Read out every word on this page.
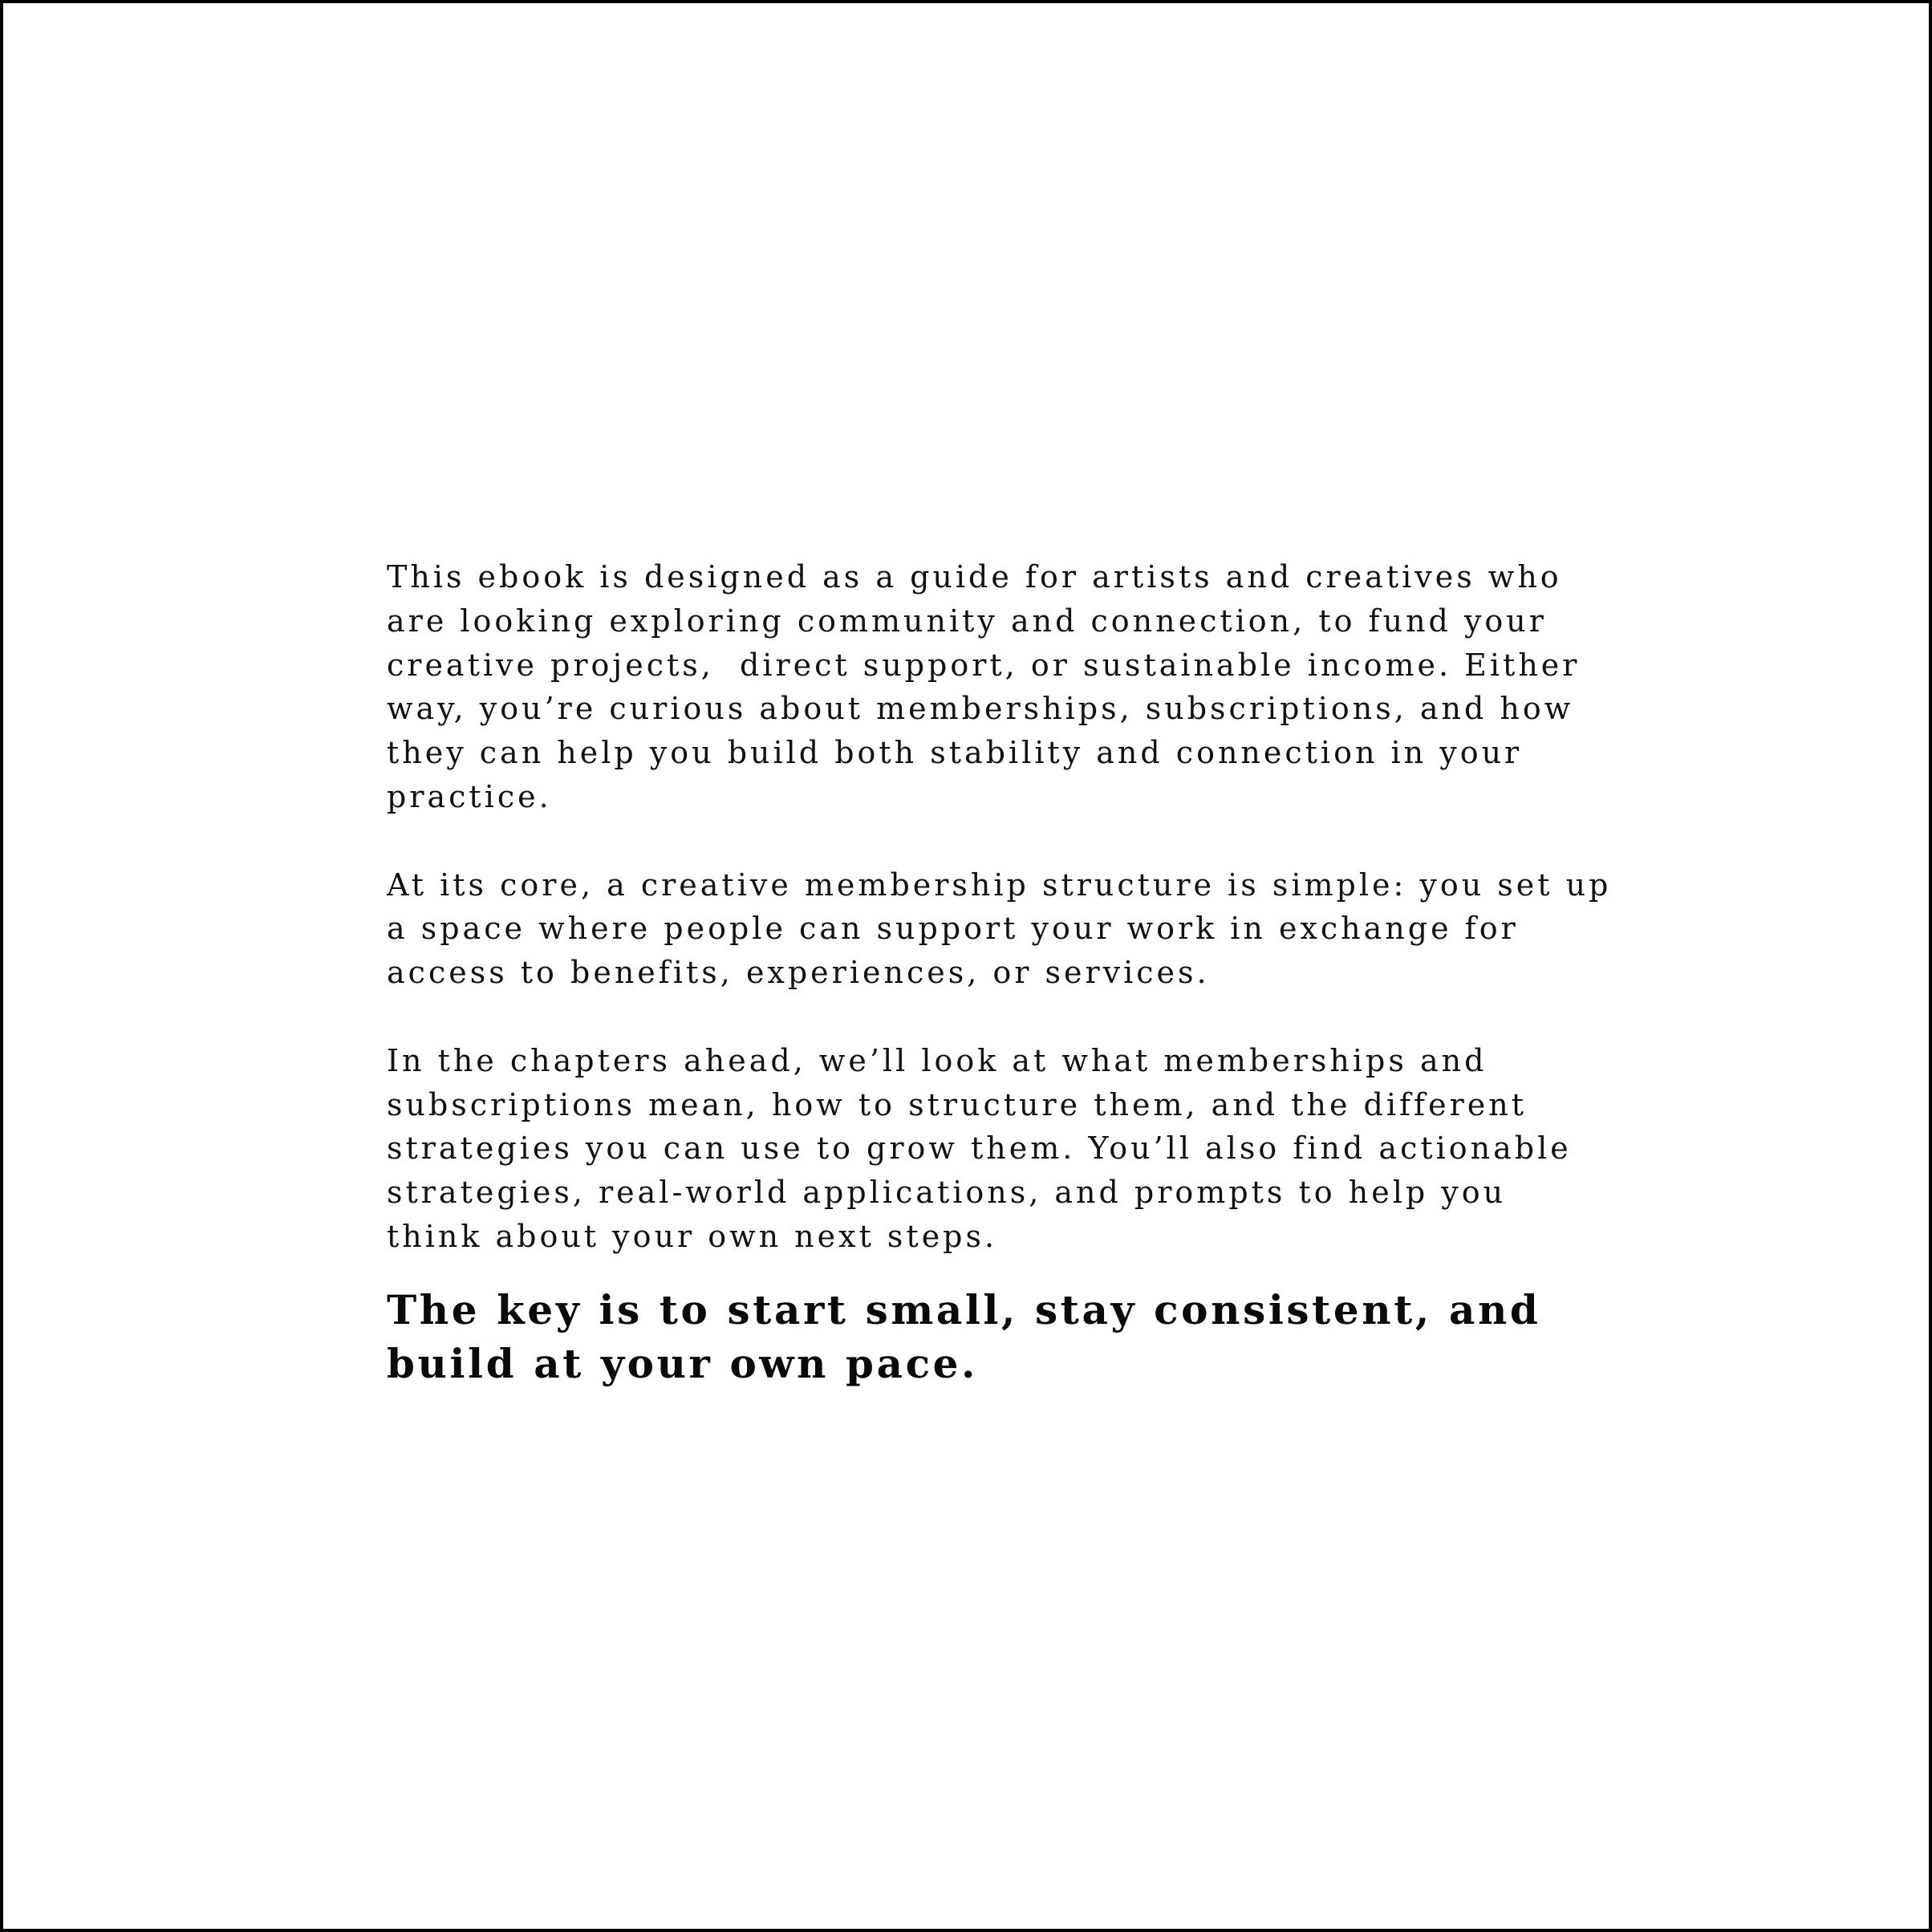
This ebook is designed as a guide for artists and creatives who
are looking exploring community and connection, to fund your
creative projects,  direct support, or sustainable income. Either
way, you’re curious about memberships, subscriptions, and how
they can help you build both stability and connection in your
practice.
At its core, a creative membership structure is simple: you set up
a space where people can support your work in exchange for
access to benefits, experiences, or services.
In the chapters ahead, we’ll look at what memberships and
subscriptions mean, how to structure them, and the different
strategies you can use to grow them. You’ll also find actionable
strategies, real-world applications, and prompts to help you
think about your own next steps.
The key is to start small, stay consistent, and
build at your own pace.
